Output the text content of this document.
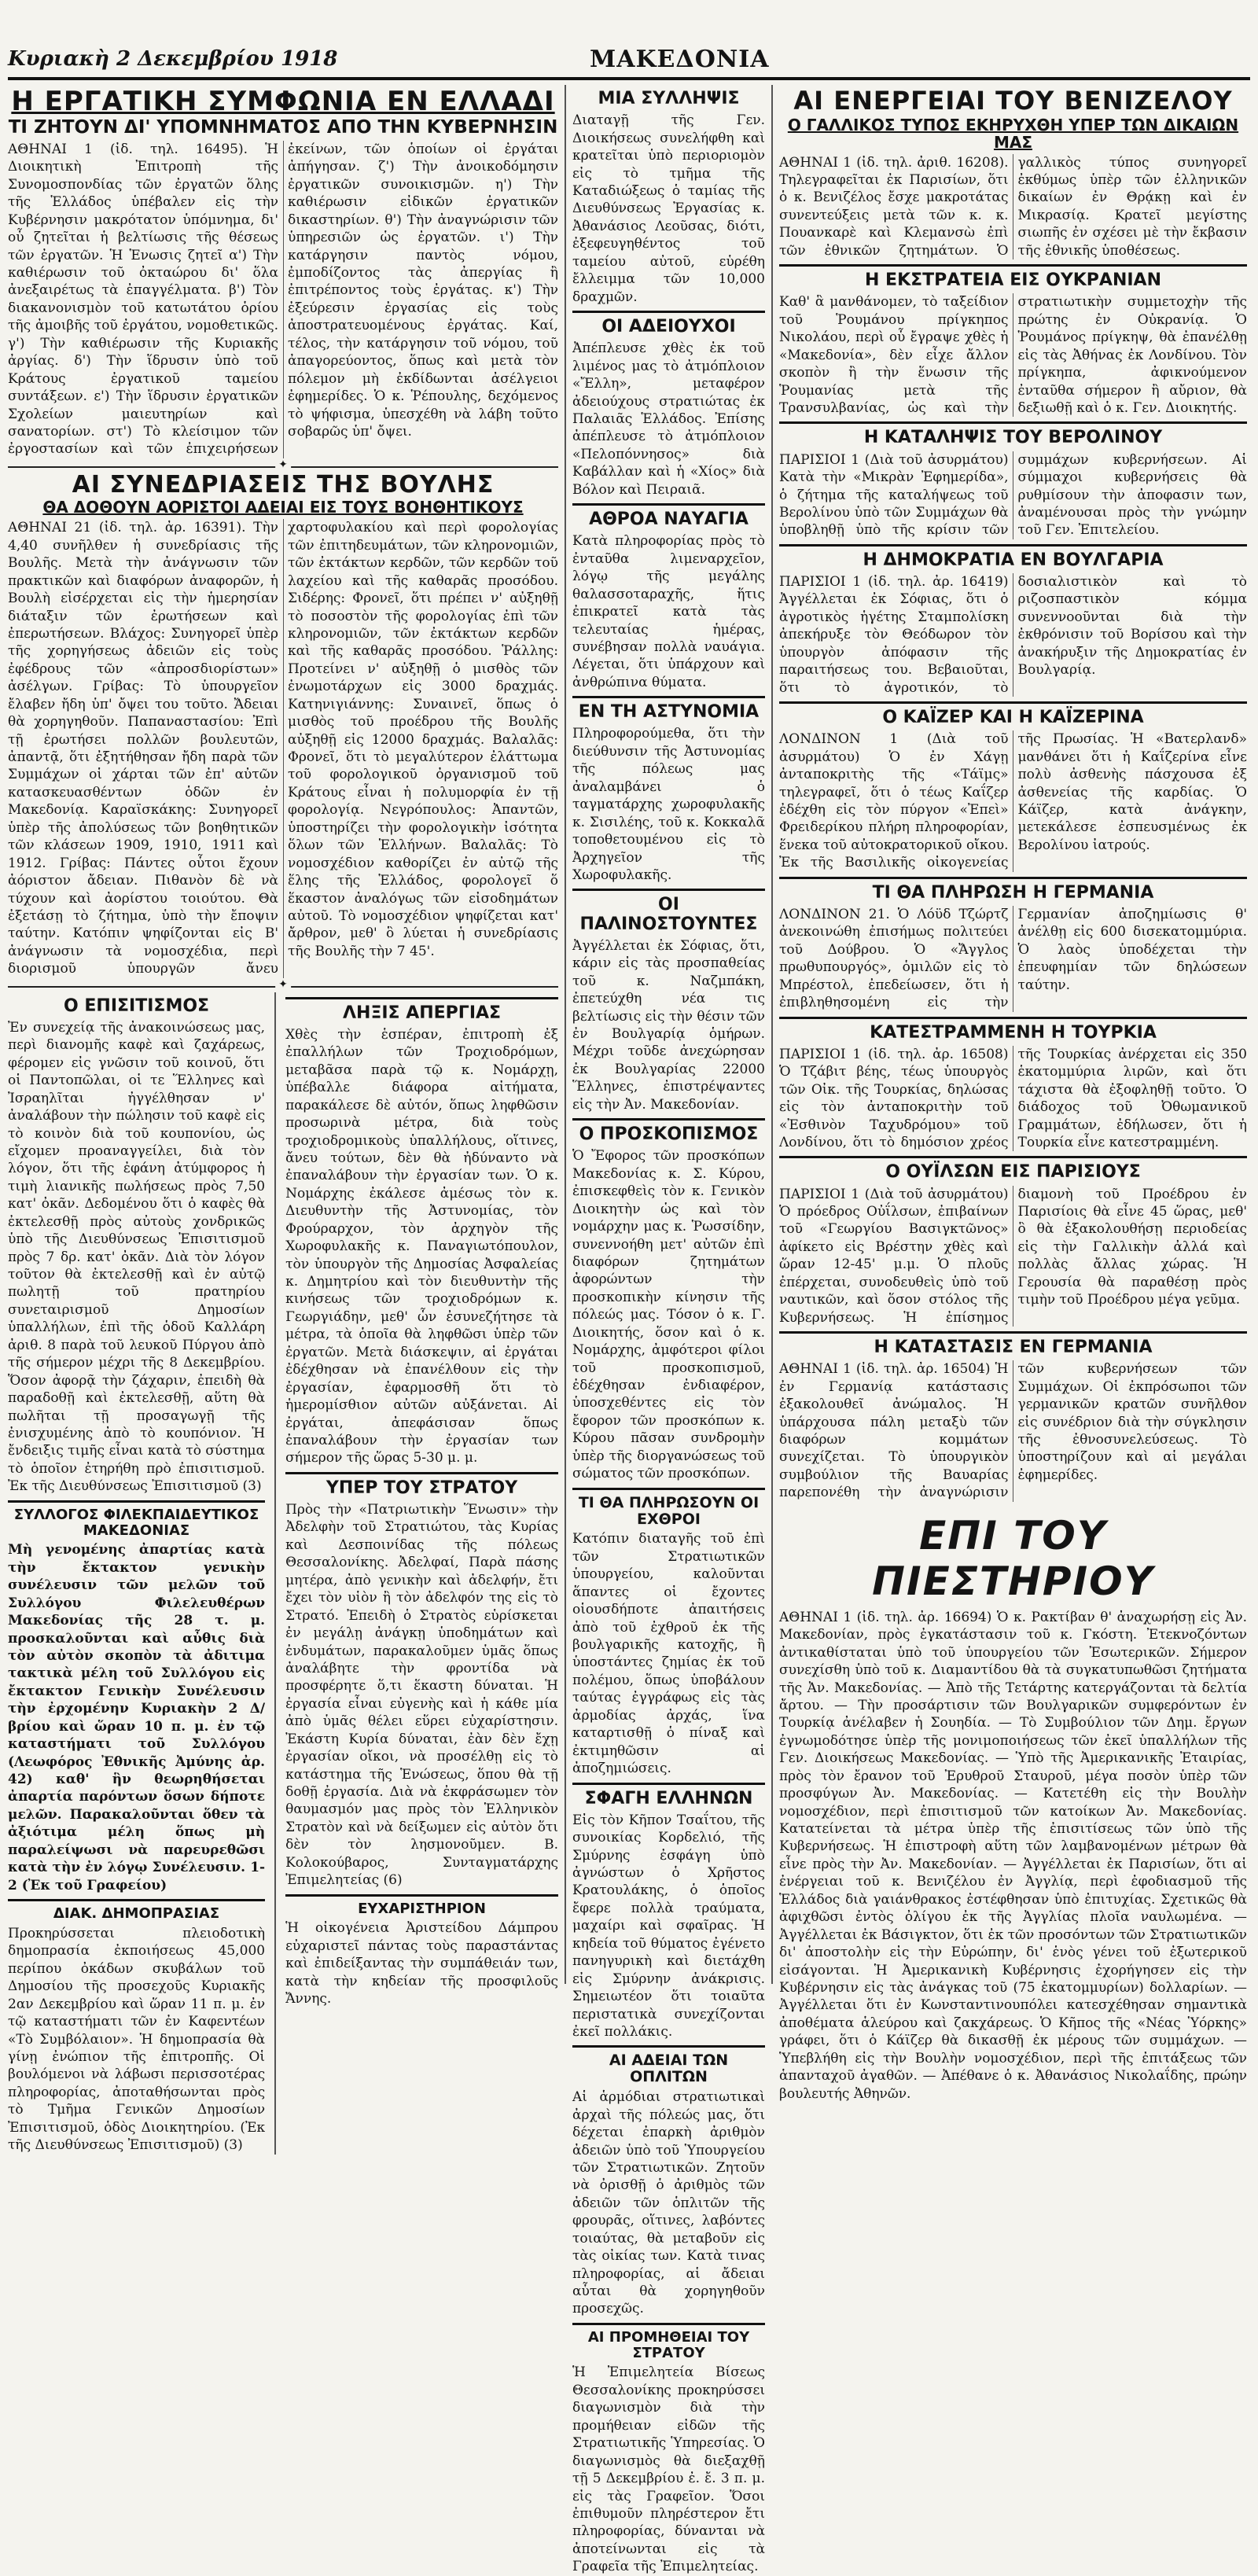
Κυριακὴ 2 Δεκεμβρίου 1918	ΜΑΚΕΔΟΝΙΑ
Η ΕΡΓΑΤΙΚΗ ΣΥΜΦΩΝΙΑ ΕΝ ΕΛΛΑΔΙ
ΤΙ ΖΗΤΟΥΝ ΔΙ' ΥΠΟΜΝΗΜΑΤΟΣ ΑΠΟ ΤΗΝ ΚΥΒΕΡΝΗΣΙΝ

ΑΘΗΝΑΙ 1 (ἰδ. τηλ. 16495). Ἡ Διοικητικὴ Ἐπιτροπὴ τῆς Συνομοσπονδίας τῶν ἐργατῶν ὅλης τῆς Ἑλλάδος ὑπέβαλεν εἰς τὴν Κυβέρνησιν μακρότατον ὑπόμνημα, δι' οὗ ζητεῖται ἡ βελτίωσις τῆς θέσεως τῶν ἐργατῶν. Ἡ Ἑνωσις ζητεῖ α') Τὴν καθιέρωσιν τοῦ ὀκταώρου δι' ὅλα ἀνεξαιρέτως τὰ ἐπαγγέλματα. β') Τὸν διακανονισμὸν τοῦ κατωτάτου ὁρίου τῆς ἀμοιβῆς τοῦ ἐργάτου, νομοθετικῶς. γ') Τὴν καθιέρωσιν τῆς Κυριακῆς ἀργίας. δ') Τὴν ἵδρυσιν ὑπὸ τοῦ Κράτους ἐργατικοῦ ταμείου συντάξεων. ε') Τὴν ἵδρυσιν ἐργατικῶν Σχολείων μαιευτηρίων καὶ σανατορίων. στ') Τὸ κλείσιμον τῶν ἐργοστασίων καὶ τῶν ἐπιχειρήσεων ἐκείνων, τῶν ὁποίων οἱ ἐργάται ἀπήγησαν. ζ') Τὴν ἀνοικοδόμησιν ἐργατικῶν συνοικισμῶν. η') Τὴν καθιέρωσιν εἰδικῶν ἐργατικῶν δικαστηρίων. θ') Τὴν ἀναγνώρισιν τῶν ὑπηρεσιῶν ὡς ἐργατῶν. ι') Τὴν κατάργησιν παντὸς νόμου, ἐμποδίζοντος τὰς ἀπεργίας ἢ ἐπιτρέποντος τοὺς ἐργάτας. κ') Τὴν ἐξεύρεσιν ἐργασίας εἰς τοὺς ἀποστρατευομένους ἐργάτας. Καί, τέλος, τὴν κατάργησιν τοῦ νόμου, τοῦ ἀπαγορεύοντος, ὅπως καὶ μετὰ τὸν πόλεμον μὴ ἐκδίδωνται ἀσέλγειοι ἐφημερίδες. Ὁ κ. Ῥέπουλης, δεχόμενος τὸ ψήφισμα, ὑπεσχέθη νὰ λάβη τοῦτο σοβαρῶς ὑπ' ὄψει.

✦
ΑΙ ΣΥΝΕΔΡΙΑΣΕΙΣ ΤΗΣ ΒΟΥΛΗΣ
ΘΑ ΔΟΘΟΥΝ ΑΟΡΙΣΤΟΙ ΑΔΕΙΑΙ ΕΙΣ ΤΟΥΣ ΒΟΗΘΗΤΙΚΟΥΣ

ΑΘΗΝΑΙ 21 (ἰδ. τηλ. ἀρ. 16391). Τὴν 4,40 συνῆλθεν ἡ συνεδρίασις τῆς Βουλῆς. Μετὰ τὴν ἀνάγνωσιν τῶν πρακτικῶν καὶ διαφόρων ἀναφορῶν, ἡ Βουλὴ εἰσέρχεται εἰς τὴν ἡμερησίαν διάταξιν τῶν ἐρωτήσεων καὶ ἐπερωτήσεων. Βλάχος: Συνηγορεῖ ὑπὲρ τῆς χορηγήσεως ἀδειῶν εἰς τοὺς ἐφέδρους τῶν «ἀπροσδιορίστων» ἀσέλγων. Γρίβας: Τὸ ὑπουργεῖον ἔλαβεν ἤδη ὑπ' ὄψει του τοῦτο. Ἄδειαι θὰ χορηγηθοῦν. Παπαναστασίου: Ἐπὶ τῇ ἐρωτήσει πολλῶν βουλευτῶν, ἀπαντᾷ, ὅτι ἐξητήθησαν ἤδη παρὰ τῶν Συμμάχων οἱ χάρται τῶν ἐπ' αὐτῶν κατασκευασθέντων ὁδῶν ἐν Μακεδονίᾳ. Καραϊσκάκης: Συνηγορεῖ ὑπὲρ τῆς ἀπολύσεως τῶν βοηθητικῶν τῶν κλάσεων 1909, 1910, 1911 καὶ 1912. Γρίβας: Πάντες οὗτοι ἔχουν ἀόριστον ἄδειαν. Πιθανὸν δὲ νὰ τύχουν καὶ ἀορίστου τοιούτου. Θὰ ἐξετάσῃ τὸ ζήτημα, ὑπὸ τὴν ἔποψιν ταύτην. Κατόπιν ψηφίζονται εἰς Β' ἀνάγνωσιν τὰ νομοσχέδια, περὶ διορισμοῦ ὑπουργῶν ἄνευ χαρτοφυλακίου καὶ περὶ φορολογίας τῶν ἐπιτηδευμάτων, τῶν κληρονομιῶν, τῶν ἐκτάκτων κερδῶν, τῶν κερδῶν τοῦ λαχείου καὶ τῆς καθαρᾶς προσόδου. Σιδέρης: Φρονεῖ, ὅτι πρέπει ν' αὐξηθῇ τὸ ποσοστὸν τῆς φορολογίας ἐπὶ τῶν κληρονομιῶν, τῶν ἐκτάκτων κερδῶν καὶ τῆς καθαρᾶς προσόδου. Ῥάλλης: Προτείνει ν' αὐξηθῇ ὁ μισθὸς τῶν ἐνωμοτάρχων εἰς 3000 δραχμάς. Κατηνιγιάννης: Συναινεῖ, ὅπως ὁ μισθὸς τοῦ προέδρου τῆς Βουλῆς αὐξηθῇ εἰς 12000 δραχμάς. Βαλαλᾶς: Φρονεῖ, ὅτι τὸ μεγαλύτερον ἐλάττωμα τοῦ φορολογικοῦ ὀργανισμοῦ τοῦ Κράτους εἶναι ἡ πολυμορφία ἐν τῇ φορολογίᾳ. Νεγρόπουλος: Ἀπαντῶν, ὑποστηρίζει τὴν φορολογικὴν ἰσότητα ὅλων τῶν Ἑλλήνων. Βαλαλᾶς: Τὸ νομοσχέδιον καθορίζει ἐν αὐτῷ τῆς ἕλης τῆς Ἑλλάδος, φορολογεῖ ὅ ἕκαστον ἀναλόγως τῶν εἰσοδημάτων αὐτοῦ. Τὸ νομοσχέδιον ψηφίζεται κατ' ἄρθρον, μεθ' ὃ λύεται ἡ συνεδρίασις τῆς Βουλῆς τὴν 7 45'.

✦
Ο ΕΠΙΣΙΤΙΣΜΟΣ

Ἐν συνεχείᾳ τῆς ἀνακοινώσεως μας, περὶ διανομῆς καφὲ καὶ ζαχάρεως, φέρομεν εἰς γνῶσιν τοῦ κοινοῦ, ὅτι οἱ Παντοπῶλαι, οἱ τε Ἕλληνες καὶ Ἰσραηλῖται ἠγγέλθησαν ν' ἀναλάβουν τὴν πώλησιν τοῦ καφὲ εἰς τὸ κοινὸν διὰ τοῦ κουπονίου, ὡς εἴχομεν προαναγγείλει, διὰ τὸν λόγον, ὅτι τῆς ἐφάνη ἀτύμφορος ἡ τιμὴ λιανικῆς πωλήσεως πρὸς 7,50 κατ' ὀκᾶν. Δεδομένου ὅτι ὁ καφὲς θὰ ἐκτελεσθῇ πρὸς αὐτοὺς χονδρικῶς ὑπὸ τῆς Διευθύνσεως Ἐπισιτισμοῦ πρὸς 7 δρ. κατ' ὀκᾶν. Διὰ τὸν λόγον τοῦτον θὰ ἐκτελεσθῇ καὶ ἐν αὐτῷ πωλητῇ τοῦ πρατηρίου συνεταιρισμοῦ Δημοσίων ὑπαλλήλων, ἐπὶ τῆς ὁδοῦ Καλλάρη ἀριθ. 8 παρὰ τοῦ λευκοῦ Πύργου ἀπὸ τῆς σήμερον μέχρι τῆς 8 Δεκεμβρίου. Ὅσον ἀφορᾷ τὴν ζάχαριν, ἐπειδὴ θὰ παραδοθῇ καὶ ἐκτελεσθῇ, αὕτη θὰ πωλῆται τῇ προσαγωγῇ τῆς ἐνισχυμένης ἀπὸ τὸ κουπόνιον. Ἡ ἔνδειξις τιμῆς εἶναι κατὰ τὸ σύστημα τὸ ὁποῖον ἐτηρήθη πρὸ ἐπισιτισμοῦ. Ἐκ τῆς Διευθύνσεως Ἐπισιτισμοῦ (3)

ΣΥΛΛΟΓΟΣ ΦΙΛΕΚΠΑΙΔΕΥΤΙΚΟΣ ΜΑΚΕΔΟΝΙΑΣ

Μὴ γενομένης ἀπαρτίας κατὰ τὴν ἔκτακτον γενικὴν συνέλευσιν τῶν μελῶν τοῦ Συλλόγου Φιλελευθέρων Μακεδονίας τῆς 28 τ. μ. προσκαλοῦνται καὶ αὖθις διὰ τὸν αὐτὸν σκοπὸν τὰ ἀδιτιμα τακτικὰ μέλη τοῦ Συλλόγου εἰς ἔκτακτον Γενικὴν Συνέλευσιν τὴν ἐρχομένην Κυριακὴν 2 Δ/βρίου καὶ ὥραν 10 π. μ. ἐν τῷ καταστήματι τοῦ Συλλόγου (Λεωφόρος Ἐθνικῆς Ἀμύνης ἀρ. 42) καθ' ἣν θεωρηθήσεται ἀπαρτία παρόντων ὅσων δήποτε μελῶν. Παρακαλοῦνται ὅθεν τὰ ἀξιότιμα μέλη ὅπως μὴ παραλείψωσι νὰ παρευρεθῶσι κατὰ τὴν ἐν λόγῳ Συνέλευσιν. 1-2 (Ἐκ τοῦ Γραφείου)

ΔΙΑΚ. ΔΗΜΟΠΡΑΣΙΑΣ

Προκηρύσσεται πλειοδοτικὴ δημοπρασία ἐκποιήσεως 45,000 περίπου ὀκάδων σκυβάλων τοῦ Δημοσίου τῆς προσεχοῦς Κυριακῆς 2αν Δεκεμβρίου καὶ ὥραν 11 π. μ. ἐν τῷ καταστήματι τῶν ἐν Καφεντέων «Τὸ Συμβόλαιον». Ἡ δημοπρασία θὰ γίνῃ ἐνώπιον τῆς ἐπιτροπῆς. Οἱ βουλόμενοι νὰ λάβωσι περισσοτέρας πληροφορίας, ἀποταθήσωνται πρὸς τὸ Τμῆμα Γενικῶν Δημοσίων Ἐπισιτισμοῦ, ὁδὸς Διοικητηρίου. (Ἐκ τῆς Διευθύνσεως Ἐπισιτισμοῦ) (3)

ΛΗΞΙΣ ΑΠΕΡΓΙΑΣ

Χθὲς τὴν ἑσπέραν, ἐπιτροπὴ ἐξ ἐπαλλήλων τῶν Τροχιοδρόμων, μεταβᾶσα παρὰ τῷ κ. Νομάρχῃ, ὑπέβαλλε διάφορα αἰτήματα, παρακάλεσε δὲ αὐτόν, ὅπως ληφθῶσιν προσωρινὰ μέτρα, διὰ τοὺς τροχιοδρομικοὺς ὑπαλλήλους, οἵτινες, ἄνευ τούτων, δὲν θὰ ἠδύναντο νὰ ἐπαναλάβουν τὴν ἐργασίαν των. Ὁ κ. Νομάρχης ἐκάλεσε ἀμέσως τὸν κ. Διευθυντὴν τῆς Ἀστυνομίας, τὸν Φρούραρχον, τὸν ἀρχηγὸν τῆς Χωροφυλακῆς κ. Παναγιωτόπουλον, τὸν ὑπουργὸν τῆς Δημοσίας Ἀσφαλείας κ. Δημητρίου καὶ τὸν διευθυντὴν τῆς κινήσεως τῶν τροχιοδρόμων κ. Γεωργιάδην, μεθ' ὧν ἐσυνεζήτησε τὰ μέτρα, τὰ ὁποῖα θὰ ληφθῶσι ὑπὲρ τῶν ἐργατῶν. Μετὰ διάσκεψιν, αἱ ἐργάται ἐδέχθησαν νὰ ἐπανέλθουν εἰς τὴν ἐργασίαν, ἐφαρμοσθῆ ὅτι τὸ ἡμερομίσθιον αὐτῶν αὐξάνεται. Αἱ ἐργάται, ἀπεφάσισαν ὅπως ἐπαναλάβουν τὴν ἐργασίαν των σήμερον τῆς ὥρας 5-30 μ. μ.

ΥΠΕΡ ΤΟΥ ΣΤΡΑΤΟΥ

Πρὸς τὴν «Πατριωτικὴν Ἕνωσιν» τὴν Ἀδελφὴν τοῦ Στρατιώτου, τὰς Κυρίας καὶ Δεσποινίδας τῆς πόλεως Θεσσαλονίκης. Ἀδελφαί, Παρὰ πάσης μητέρα, ἀπὸ γενικὴν καὶ ἀδελφήν, ἔτι ἔχει τὸν υἱὸν ἢ τὸν ἀδελφόν της εἰς τὸ Στρατό. Ἐπειδὴ ὁ Στρατὸς εὑρίσκεται ἐν μεγάλῃ ἀνάγκῃ ὑποδημάτων καὶ ἐνδυμάτων, παρακαλοῦμεν ὑμᾶς ὅπως ἀναλάβητε τὴν φροντίδα νὰ προσφέρητε ὅ,τι ἕκαστη δύναται. Ἡ ἐργασία εἶναι εὐγενὴς καὶ ἡ κάθε μία ἀπὸ ὑμᾶς θέλει εὕρει εὐχαρίστησιν. Ἐκάστη Κυρία δύναται, ἐὰν δὲν ἔχῃ ἐργασίαν οἴκοι, νὰ προσέλθῃ εἰς τὸ κατάστημα τῆς Ἑνώσεως, ὅπου θὰ τῇ δοθῇ ἐργασία. Διὰ νὰ ἐκφράσωμεν τὸν θαυμασμόν μας πρὸς τὸν Ἑλληνικὸν Στρατὸν καὶ νὰ δείξωμεν εἰς αὐτὸν ὅτι δὲν τὸν λησμονοῦμεν. Β. Κολοκούβαρος, Συνταγματάρχης Ἐπιμελητείας (6)

ΕΥΧΑΡΙΣΤΗΡΙΟΝ

Ἡ οἰκογένεια Ἀριστείδου Δάμπρου εὐχαριστεῖ πάντας τοὺς παραστάντας καὶ ἐπιδείξαντας τὴν συμπάθειάν των, κατὰ τὴν κηδείαν τῆς προσφιλοῦς Ἄννης.

ΜΙΑ ΣΥΛΛΗΨΙΣ

Διαταγῇ τῆς Γεν. Διοικήσεως συνελήφθη καὶ κρατεῖται ὑπὸ περιοριομὸν εἰς τὸ τμῆμα τῆς Καταδιώξεως ὁ ταμίας τῆς Διευθύνσεως Ἐργασίας κ. Ἀθανάσιος Λεοῦσας, διότι, ἐξεφευγηθέντος τοῦ ταμείου αὐτοῦ, εὑρέθη ἔλλειμμα τῶν 10,000 δραχμῶν.

ΟΙ ΑΔΕΙΟΥΧΟΙ

Ἀπέπλευσε χθὲς ἐκ τοῦ λιμένος μας τὸ ἀτμόπλοιον «Ἔλλη», μεταφέρον ἀδειούχους στρατιώτας ἐκ Παλαιᾶς Ἑλλάδος. Ἐπίσης ἀπέπλευσε τὸ ἀτμόπλοιον «Πελοπόννησος» διὰ Καβάλλαν καὶ ἡ «Χίος» διὰ Βόλον καὶ Πειραιᾶ.

ΑΘΡΟΑ ΝΑΥΑΓΙΑ

Κατὰ πληροφορίας πρὸς τὸ ἐνταῦθα λιμεναρχεῖον, λόγῳ τῆς μεγάλης θαλασσοταραχῆς, ἥτις ἐπικρατεῖ κατὰ τὰς τελευταίας ἡμέρας, συνέβησαν πολλὰ ναυάγια. Λέγεται, ὅτι ὑπάρχουν καὶ ἀνθρώπινα θύματα.

ΕΝ ΤΗ ΑΣΤΥΝΟΜΙΑ

Πληροφορούμεθα, ὅτι τὴν διεύθυνσιν τῆς Ἀστυνομίας τῆς πόλεως μας ἀναλαμβάνει ὁ ταγματάρχης χωροφυλακῆς κ. Σισιλέης, τοῦ κ. Κοκκαλᾶ τοποθετουμένου εἰς τὸ Ἀρχηγεῖον τῆς Χωροφυλακῆς.

ΟΙ ΠΑΛΙΝΟΣΤΟΥΝΤΕΣ

Ἀγγέλλεται ἐκ Σόφιας, ὅτι, κάριν εἰς τὰς προσπαθείας τοῦ κ. Ναζμπάκη, ἐπετεύχθη νέα τις βελτίωσις εἰς τὴν θέσιν τῶν ἐν Βουλγαρίᾳ ὁμήρων. Μέχρι τοῦδε ἀνεχώρησαν ἐκ Βουλγαρίας 22000 Ἕλληνες, ἐπιστρέψαντες εἰς τὴν Ἀν. Μακεδονίαν.

Ο ΠΡΟΣΚΟΠΙΣΜΟΣ

Ὁ Ἔφορος τῶν προσκόπων Μακεδονίας κ. Σ. Κύρου, ἐπισκεφθεὶς τὸν κ. Γενικὸν Διοικητὴν ὡς καὶ τὸν νομάρχην μας κ. Ῥωσσίδην, συνεννοήθη μετ' αὐτῶν ἐπὶ διαφόρων ζητημάτων ἀφορώντων τὴν προσκοπικὴν κίνησιν τῆς πόλεώς μας. Τόσον ὁ κ. Γ. Διοικητής, ὅσον καὶ ὁ κ. Νομάρχης, ἀμφότεροι φίλοι τοῦ προσκοπισμοῦ, ἐδέχθησαν ἐνδιαφέρον, ὑποσχεθέντες εἰς τὸν ἔφορον τῶν προσκόπων κ. Κύρου πᾶσαν συνδρομὴν ὑπὲρ τῆς διοργανώσεως τοῦ σώματος τῶν προσκόπων.

ΤΙ ΘΑ ΠΛΗΡΩΣΟΥΝ ΟΙ ΕΧΘΡΟΙ

Κατόπιν διαταγῆς τοῦ ἐπὶ τῶν Στρατιωτικῶν ὑπουργείου, καλοῦνται ἅπαντες οἱ ἔχοντες οἱουσδήποτε ἀπαιτήσεις ἀπὸ τοῦ ἐχθροῦ ἐκ τῆς βουλγαρικῆς κατοχῆς, ἢ ὑποστάντες ζημίας ἐκ τοῦ πολέμου, ὅπως ὑποβάλουν ταύτας ἐγγράφως εἰς τὰς ἀρμοδίας ἀρχάς, ἵνα καταρτισθῇ ὁ πίναξ καὶ ἐκτιμηθῶσιν αἱ ἀποζημιώσεις.

ΣΦΑΓΗ ΕΛΛΗΝΩΝ

Εἰς τὸν Κῆπον Τσαΐτου, τῆς συνοικίας Κορδελιό, τῆς Σμύρνης ἐσφάγη ὑπὸ ἀγνώστων ὁ Χρῆστος Κρατουλάκης, ὁ ὁποῖος ἔφερε πολλὰ τραύματα, μαχαίρι καὶ σφαῖρας. Ἡ κηδεία τοῦ θύματος ἐγένετο πανηγυρικὴ καὶ διετάχθη εἰς Σμύρνην ἀνάκρισις. Σημειωτέον ὅτι τοιαῦτα περιστατικὰ συνεχίζονται ἐκεῖ πολλάκις.

ΑΙ ΑΔΕΙΑΙ ΤΩΝ ΟΠΛΙΤΩΝ

Αἱ ἁρμόδιαι στρατιωτικαὶ ἀρχαὶ τῆς πόλεώς μας, ὅτι δέχεται ἐπαρκὴ ἀριθμὸν ἀδειῶν ὑπὸ τοῦ Ὑπουργείου τῶν Στρατιωτικῶν. Ζητοῦν νὰ ὀρισθῇ ὁ ἀριθμὸς τῶν ἀδειῶν τῶν ὁπλιτῶν τῆς φρουρᾶς, οἵτινες, λαβόντες τοιαύτας, θὰ μεταβοῦν εἰς τὰς οἰκίας των. Κατὰ τινας πληροφορίας, αἱ ἄδειαι αὗται θὰ χορηγηθοῦν προσεχῶς.

ΑΙ ΠΡΟΜΗΘΕΙΑΙ ΤΟΥ ΣΤΡΑΤΟΥ

Ἡ Ἐπιμελητεία Βίσεως Θεσσαλονίκης προκηρύσσει διαγωνισμὸν διὰ τὴν προμήθειαν εἰδῶν τῆς Στρατιωτικῆς Ὑπηρεσίας. Ὁ διαγωνισμὸς θὰ διεξαχθῇ τῇ 5 Δεκεμβρίου ἐ. ἔ. 3 π. μ. εἰς τὰς Γραφεῖον. Ὅσοι ἐπιθυμοῦν πληρέστερον ἔτι πληροφορίας, δύνανται νὰ ἀποτείνωνται εἰς τὰ Γραφεῖα τῆς Ἐπιμελητείας.

ΑΙ ΕΝΕΡΓΕΙΑΙ ΤΟΥ ΒΕΝΙΖΕΛΟΥ
Ο ΓΑΛΛΙΚΟΣ ΤΥΠΟΣ ΕΚΗΡΥΧΘΗ ΥΠΕΡ ΤΩΝ ΔΙΚΑΙΩΝ ΜΑΣ

ΑΘΗΝΑΙ 1 (ἰδ. τηλ. ἀριθ. 16208). Τηλεγραφεῖται ἐκ Παρισίων, ὅτι ὁ κ. Βενιζέλος ἔσχε μακροτάτας συνεντεύξεις μετὰ τῶν κ. κ. Πουανκαρὲ καὶ Κλεμανσὼ ἐπὶ τῶν ἐθνικῶν ζητημάτων. Ὁ γαλλικὸς τύπος συνηγορεῖ ἐκθύμως ὑπὲρ τῶν ἑλληνικῶν δικαίων ἐν Θρᾴκῃ καὶ ἐν Μικρασίᾳ. Κρατεῖ μεγίστης σιωπῆς ἐν σχέσει μὲ τὴν ἔκβασιν τῆς ἐθνικῆς ὑποθέσεως.

Η ΕΚΣΤΡΑΤΕΙΑ ΕΙΣ ΟΥΚΡΑΝΙΑΝ

Καθ' ἃ μανθάνομεν, τὸ ταξείδιον τοῦ Ῥουμάνου πρίγκηπος Νικολάου, περὶ οὗ ἔγραψε χθὲς ἡ «Μακεδονία», δὲν εἶχε ἄλλον σκοπὸν ἢ τὴν ἕνωσιν τῆς Ῥουμανίας μετὰ τῆς Τρανσυλβανίας, ὡς καὶ τὴν στρατιωτικὴν συμμετοχὴν τῆς πρώτης ἐν Οὐκρανίᾳ. Ὁ Ῥουμάνος πρίγκηψ, θὰ ἐπανέλθῃ εἰς τὰς Ἀθήνας ἐκ Λονδίνου. Τὸν πρίγκηπα, ἀφικνούμενον ἐνταῦθα σήμερον ἢ αὔριον, θὰ δεξιωθῇ καὶ ὁ κ. Γεν. Διοικητής.

Η ΚΑΤΑΛΗΨΙΣ ΤΟΥ ΒΕΡΟΛΙΝΟΥ

ΠΑΡΙΣΙΟΙ 1 (Διὰ τοῦ ἀσυρμάτου) Κατὰ τὴν «Μικρὰν Ἐφημερίδα», ὁ ζήτημα τῆς καταλήψεως τοῦ Βερολίνου ὑπὸ τῶν Συμμάχων θὰ ὑποβληθῇ ὑπὸ τῆς κρίσιν τῶν συμμάχων κυβερνήσεων. Αἱ σύμμαχοι κυβερνήσεις θὰ ρυθμίσουν τὴν ἀποφασιν των, ἀναμένουσαι πρὸς τὴν γνώμην τοῦ Γεν. Ἐπιτελείου.

Η ΔΗΜΟΚΡΑΤΙΑ ΕΝ ΒΟΥΛΓΑΡΙΑ

ΠΑΡΙΣΙΟΙ 1 (ἰδ. τηλ. ἀρ. 16419) Ἀγγέλλεται ἐκ Σόφιας, ὅτι ὁ ἀγροτικὸς ἡγέτης Σταμπολίσκη ἀπεκήρυξε τὸν Θεόδωρον τὸν ὑπουργὸν ἀπόφασιν τῆς παραιτήσεως του. Βεβαιοῦται, ὅτι τὸ ἀγροτικόν, τὸ δοσιαλιστικὸν καὶ τὸ ριζοσπαστικὸν κόμμα συνεννοοῦνται διὰ τὴν ἐκθρόνισιν τοῦ Βορίσου καὶ τὴν ἀνακήρυξιν τῆς Δημοκρατίας ἐν Βουλγαρίᾳ.

Ο ΚΑΪΖΕΡ ΚΑΙ Η ΚΑΪΖΕΡΙΝΑ

ΛΟΝΔΙΝΟΝ 1 (Διὰ τοῦ ἀσυρμάτου) Ὁ ἐν Χάγῃ ἀνταποκριτὴς τῆς «Τάϊμς» τηλεγραφεῖ, ὅτι ὁ τέως Καΐζερ ἐδέχθη εἰς τὸν πύργον «Ἐπεὶ» Φρειδερίκου πλήρη πληροφορίαν, ἕνεκα τοῦ αὐτοκρατορικοῦ οἴκου. Ἐκ τῆς Βασιλικῆς οἰκογενείας τῆς Πρωσίας. Ἡ «Βατερλανδ» μανθάνει ὅτι ἡ Καΐζερίνα εἶνε πολὺ ἀσθενὴς πάσχουσα ἐξ ἀσθενείας τῆς καρδίας. Ὁ Κάϊζερ, κατὰ ἀνάγκην, μετεκάλεσε ἐσπευσμένως ἐκ Βερολίνου ἰατρούς.

ΤΙ ΘΑ ΠΛΗΡΩΣΗ Η ΓΕΡΜΑΝΙΑ

ΛΟΝΔΙΝΟΝ 21. Ὁ Λόϋδ Τζώρτζ ἀνεκοινώθη ἐπισήμως πολιτεύει τοῦ Δούβρου. Ὁ «Ἄγγλος πρωθυπουργός», ὁμιλῶν εἰς τὸ Μπρέστολ, ἐπεδείωσεν, ὅτι ἡ ἐπιβληθησομένη εἰς τὴν Γερμανίαν ἀποζημίωσις θ' ἀνέλθῃ εἰς 600 δισεκατομμύρια. Ὁ λαὸς ὑποδέχεται τὴν ἐπευφημίαν τῶν δηλώσεων ταύτην.

ΚΑΤΕΣΤΡΑΜΜΕΝΗ Η ΤΟΥΡΚΙΑ

ΠΑΡΙΣΙΟΙ 1 (ἰδ. τηλ. ἀρ. 16508) Ὁ Τζάβιτ βέης, τέως ὑπουργὸς τῶν Οἰκ. τῆς Τουρκίας, δηλώσας εἰς τὸν ἀνταποκριτὴν τοῦ «Ἐσθινὸν Ταχυδρόμου» τοῦ Λονδίνου, ὅτι τὸ δημόσιον χρέος τῆς Τουρκίας ἀνέρχεται εἰς 350 ἑκατομμύρια λιρῶν, καὶ ὅτι τάχιστα θὰ ἐξοφληθῇ τοῦτο. Ὁ διάδοχος τοῦ Ὀθωμανικοῦ Γραμμάτων, ἐδήλωσεν, ὅτι ἡ Τουρκία εἶνε κατεστραμμένη.

Ο ΟΥΪΛΣΩΝ ΕΙΣ ΠΑΡΙΣΙΟΥΣ

ΠΑΡΙΣΙΟΙ 1 (Διὰ τοῦ ἀσυρμάτου) Ὁ πρόεδρος Οὐΐλσων, ἐπιβαίνων τοῦ «Γεωργίου Βασιγκτῶνος» ἀφίκετο εἰς Βρέστην χθὲς καὶ ὥραν 12-45' μ.μ. Ὁ πλοῦς ἐπέρχεται, συνοδευθεὶς ὑπὸ τοῦ ναυτικῶν, καὶ ὅσον στόλος τῆς Κυβερνήσεως. Ἡ ἐπίσημος διαμονὴ τοῦ Προέδρου ἐν Παρισίοις θὰ εἶνε 45 ὥρας, μεθ' ὃ θὰ ἐξακολουθήσῃ περιοδείας εἰς τὴν Γαλλικὴν ἀλλά καὶ πολλὰς ἄλλας χώρας. Ἡ Γερουσία θὰ παραθέσῃ πρὸς τιμὴν τοῦ Προέδρου μέγα γεῦμα.

Η ΚΑΤΑΣΤΑΣΙΣ ΕΝ ΓΕΡΜΑΝΙΑ

ΑΘΗΝΑΙ 1 (ἰδ. τηλ. ἀρ. 16504) Ἡ ἐν Γερμανίᾳ κατάστασις ἐξακολουθεῖ ἀνώμαλος. Ἡ ὑπάρχουσα πάλη μεταξὺ τῶν διαφόρων κομμάτων συνεχίζεται. Τὸ ὑπουργικὸν συμβούλιον τῆς Βαυαρίας παρεπονέθη τὴν ἀναγνώρισιν τῶν κυβερνήσεων τῶν Συμμάχων. Οἱ ἐκπρόσωποι τῶν γερμανικῶν κρατῶν συνῆλθον εἰς συνέδριον διὰ τὴν σύγκλησιν τῆς ἐθνοσυνελεύσεως. Τὸ ὑποστηρίζουν καὶ αἱ μεγάλαι ἐφημερίδες.

ΕΠΙ ΤΟΥ ΠΙΕΣΤΗΡΙΟΥ

ΑΘΗΝΑΙ 1 (ἰδ. τηλ. ἀρ. 16694) Ὁ κ. Ρακτίβαν θ' ἀναχωρήσῃ εἰς Ἀν. Μακεδονίαν, πρὸς ἐγκατάστασιν τοῦ κ. Γκόστη. Ἐτεκνοζόντων ἀντικαθίσταται ὑπὸ τοῦ ὑπουργείου τῶν Ἐσωτερικῶν. Σήμερον συνεχίσθη ὑπὸ τοῦ κ. Διαμαντίδου θὰ τὰ συγκατυπωθῶσι ζητήματα τῆς Ἀν. Μακεδονίας. — Ἀπὸ τῆς Τετάρτης κατεργάζονται τὰ δελτία ἄρτου. — Τὴν προσάρτισιν τῶν Βουλγαρικῶν συμφερόντων ἐν Τουρκίᾳ ἀνέλαβεν ἡ Σουηδία. — Τὸ Συμβούλιον τῶν Δημ. ἔργων ἐγνωμοδότησε ὑπὲρ τῆς μονιμοποιήσεως τῶν ἐκεῖ ὑπαλλήλων τῆς Γεν. Διοικήσεως Μακεδονίας. — Ὑπὸ τῆς Ἀμερικανικῆς Ἐταιρίας, πρὸς τὸν ἔρανον τοῦ Ἐρυθροῦ Σταυροῦ, μέγα ποσὸν ὑπὲρ τῶν προσφύγων Ἀν. Μακεδονίας. — Κατετέθη εἰς τὴν Βουλὴν νομοσχέδιον, περὶ ἐπισιτισμοῦ τῶν κατοίκων Ἀν. Μακεδονίας. Κατατείνεται τὰ μέτρα ὑπὲρ τῆς ἐπισιτίσεως τῶν ὑπὸ τῆς Κυβερνήσεως. Ἡ ἐπιστροφὴ αὕτη τῶν λαμβανομένων μέτρων θὰ εἶνε πρὸς τὴν Ἀν. Μακεδονίαν. — Ἀγγέλλεται ἐκ Παρισίων, ὅτι αἱ ἐνέργειαι τοῦ κ. Βενιζέλου ἐν Ἀγγλίᾳ, περὶ ἐφοδιασμοῦ τῆς Ἑλλάδος διὰ γαιάνθρακος ἐστέφθησαν ὑπὸ ἐπιτυχίας. Σχετικῶς θὰ ἀφιχθῶσι ἐντὸς ὀλίγου ἐκ τῆς Ἀγγλίας πλοῖα ναυλωμένα. — Ἀγγέλλεται ἐκ Βάσιγκτον, ὅτι ἐκ τῶν προσόντων τῶν Στρατιωτικῶν δι' ἀποστολὴν εἰς τὴν Εὐρώπην, δι' ἑνὸς γένει τοῦ ἐξωτερικοῦ εἰσάγονται. Ἡ Ἀμερικανικὴ Κυβέρνησις ἐχορήγησεν εἰς τὴν Κυβέρνησιν εἰς τὰς ἀνάγκας τοῦ (75 ἑκατομμυρίων) δολλαρίων. — Ἀγγέλλεται ὅτι ἐν Κωνσταντινουπόλει κατεσχέθησαν σημαντικὰ ἀποθέματα ἁλεύρου καὶ ζακχάρεως. Ὁ Κῆπος τῆς «Νέας Ὑόρκης» γράφει, ὅτι ὁ Κάϊζερ θὰ δικασθῇ ἐκ μέρους τῶν συμμάχων. — Ὑπεβλήθη εἰς τὴν Βουλὴν νομοσχέδιον, περὶ τῆς ἐπιτάξεως τῶν ἁπανταχοῦ ἀγαθῶν. — Ἀπέθανε ὁ κ. Ἀθανάσιος Νικολαΐδης, πρώην βουλευτής Ἀθηνῶν.
